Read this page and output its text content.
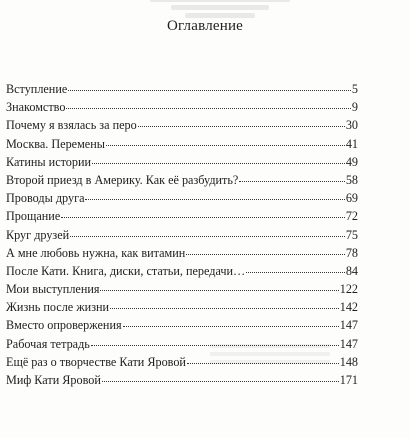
Оглавление
Вступление	5
Знакомство	9
Почему я взялась за перо	30
Москва. Перемены	41
Катины истории	49
Второй приезд в Америку. Как её разбудить?	58
Проводы друга	69
Прощание	72
Круг друзей	75
А мне любовь нужна, как витамин	78
После Кати. Книга, диски, статьи, передачи…	84
Мои выступления	122
Жизнь после жизни	142
Вместо опровержения	147
Рабочая тетрадь	147
Ещё раз о творчестве Кати Яровой	148
Миф Кати Яровой	171
